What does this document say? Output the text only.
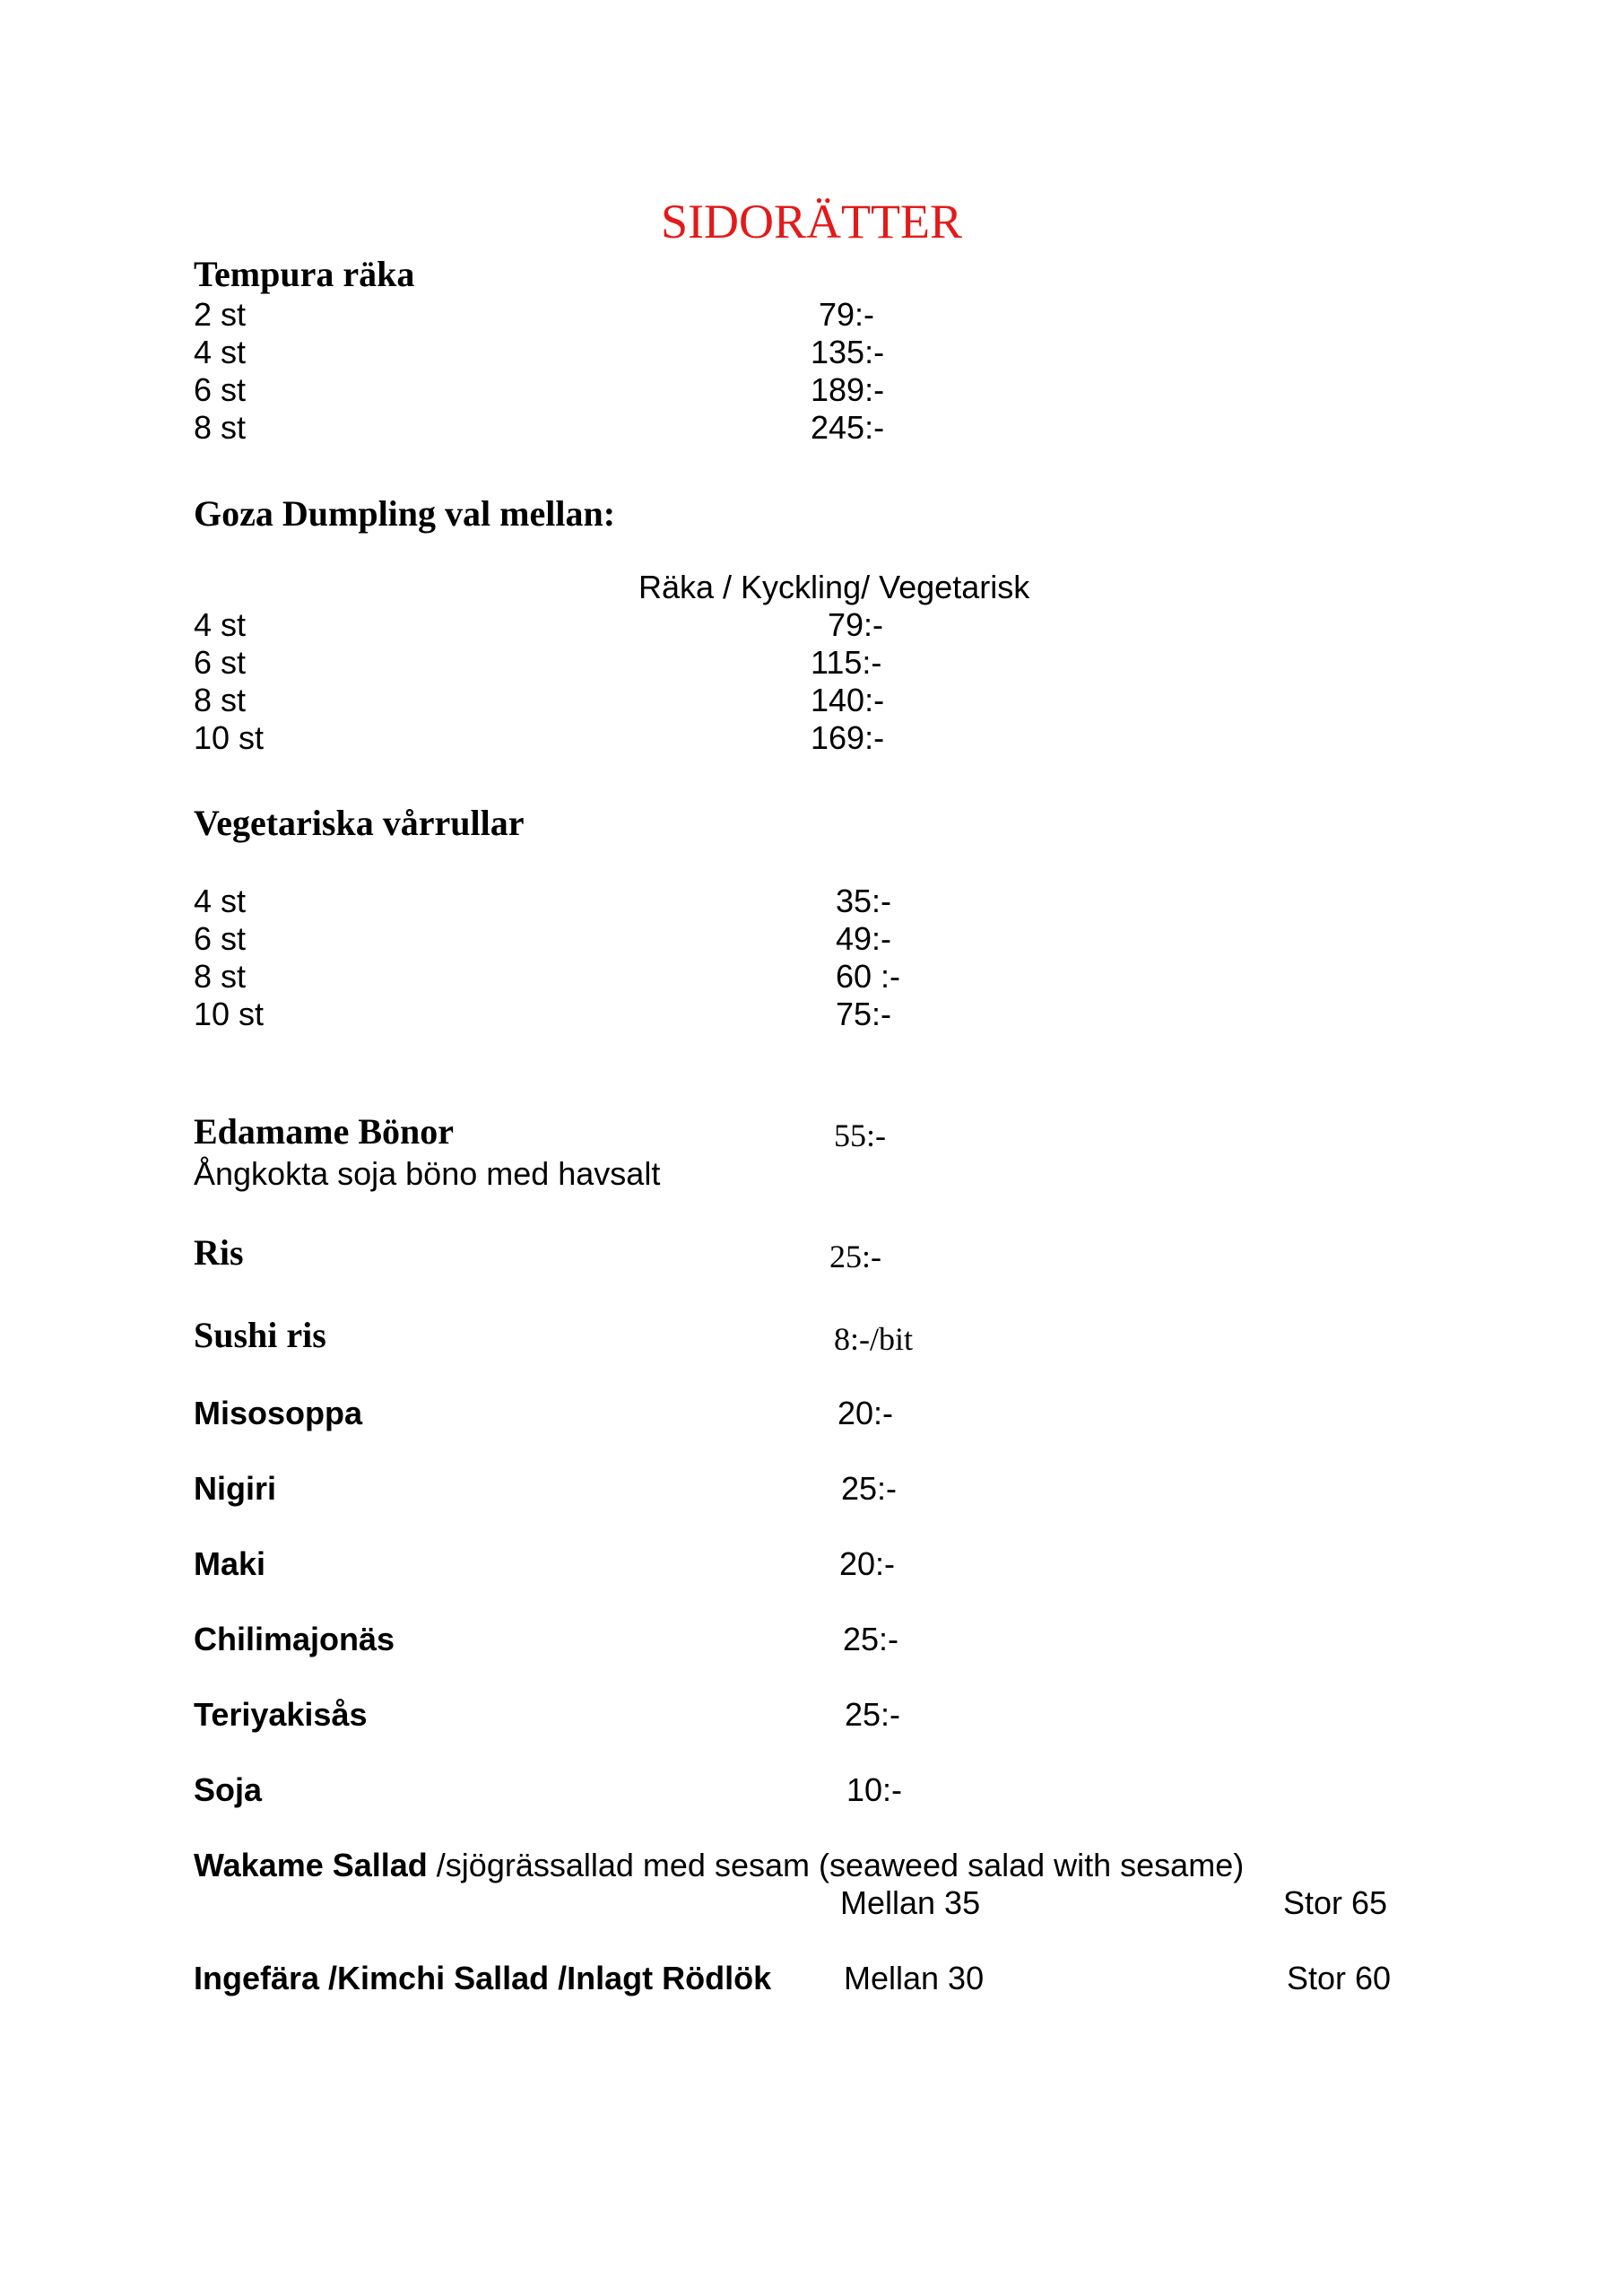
SIDORÄTTER
Tempura räka
2 st	79:-
4 st	135:-
6 st	189:-
8 st	245:-
Goza Dumpling val mellan:
Räka / Kyckling/ Vegetarisk
4 st	79:-
6 st	115:-
8 st	140:-
10 st	169:-
Vegetariska vårrullar
4 st	35:-
6 st	49:-
8 st	60 :-
10 st	75:-
Edamame Bönor	55:-
Ångkokta soja böno med havsalt
Ris	25:-
Sushi ris	8:-/bit
Misosoppa	20:-
Nigiri	25:-
Maki	20:-
Chilimajonäs	25:-
Teriyakisås	25:-
Soja	10:-
Wakame Sallad /sjögrässallad med sesam (seaweed salad with sesame)
Mellan 35	Stor 65
Ingefära /Kimchi Sallad /Inlagt Rödlök Mellan 30	Stor 60
